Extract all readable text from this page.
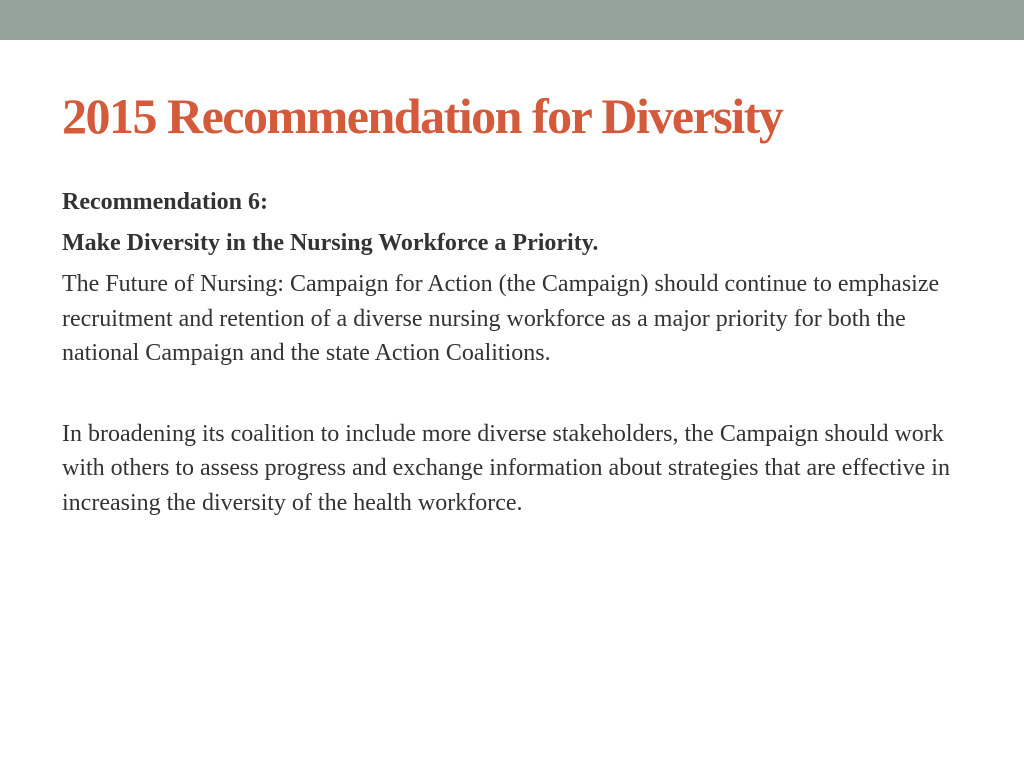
2015 Recommendation for Diversity

Recommendation 6:

Make Diversity in the Nursing Workforce a Priority.

The Future of Nursing: Campaign for Action (the Campaign) should continue to emphasize recruitment and retention of a diverse nursing workforce as a major priority for both the national Campaign and the state Action Coalitions.

In broadening its coalition to include more diverse stakeholders, the Campaign should work with others to assess progress and exchange information about strategies that are effective in increasing the diversity of the health workforce.
